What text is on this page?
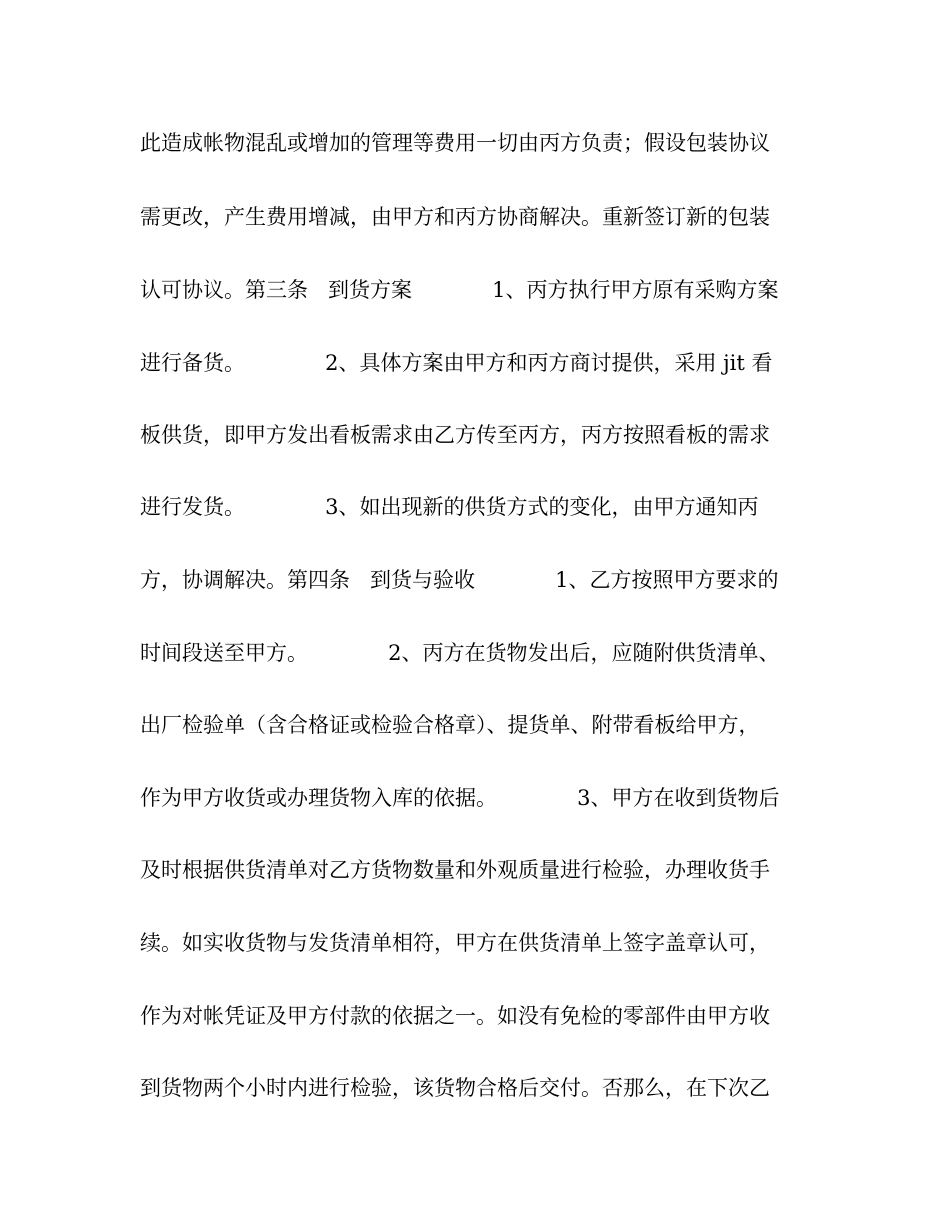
此造成帐物混乱或增加的管理等费用一切由丙方负责；假设包装协议
需更改，产生费用增减，由甲方和丙方协商解决。重新签订新的包装
认可协议。第三条   到货方案            1、丙方执行甲方原有采购方案
进行备货。            2、具体方案由甲方和丙方商讨提供，采用 jit 看
板供货，即甲方发出看板需求由乙方传至丙方，丙方按照看板的需求
进行发货。            3、如出现新的供货方式的变化，由甲方通知丙
方，协调解决。第四条   到货与验收            1、乙方按照甲方要求的
时间段送至甲方。            2、丙方在货物发出后，应随附供货清单、
出厂检验单（含合格证或检验合格章）、提货单、附带看板给甲方，
作为甲方收货或办理货物入库的依据。            3、甲方在收到货物后
及时根据供货清单对乙方货物数量和外观质量进行检验，办理收货手
续。如实收货物与发货清单相符，甲方在供货清单上签字盖章认可，
作为对帐凭证及甲方付款的依据之一。如没有免检的零部件由甲方收
到货物两个小时内进行检验，该货物合格后交付。否那么，在下次乙
